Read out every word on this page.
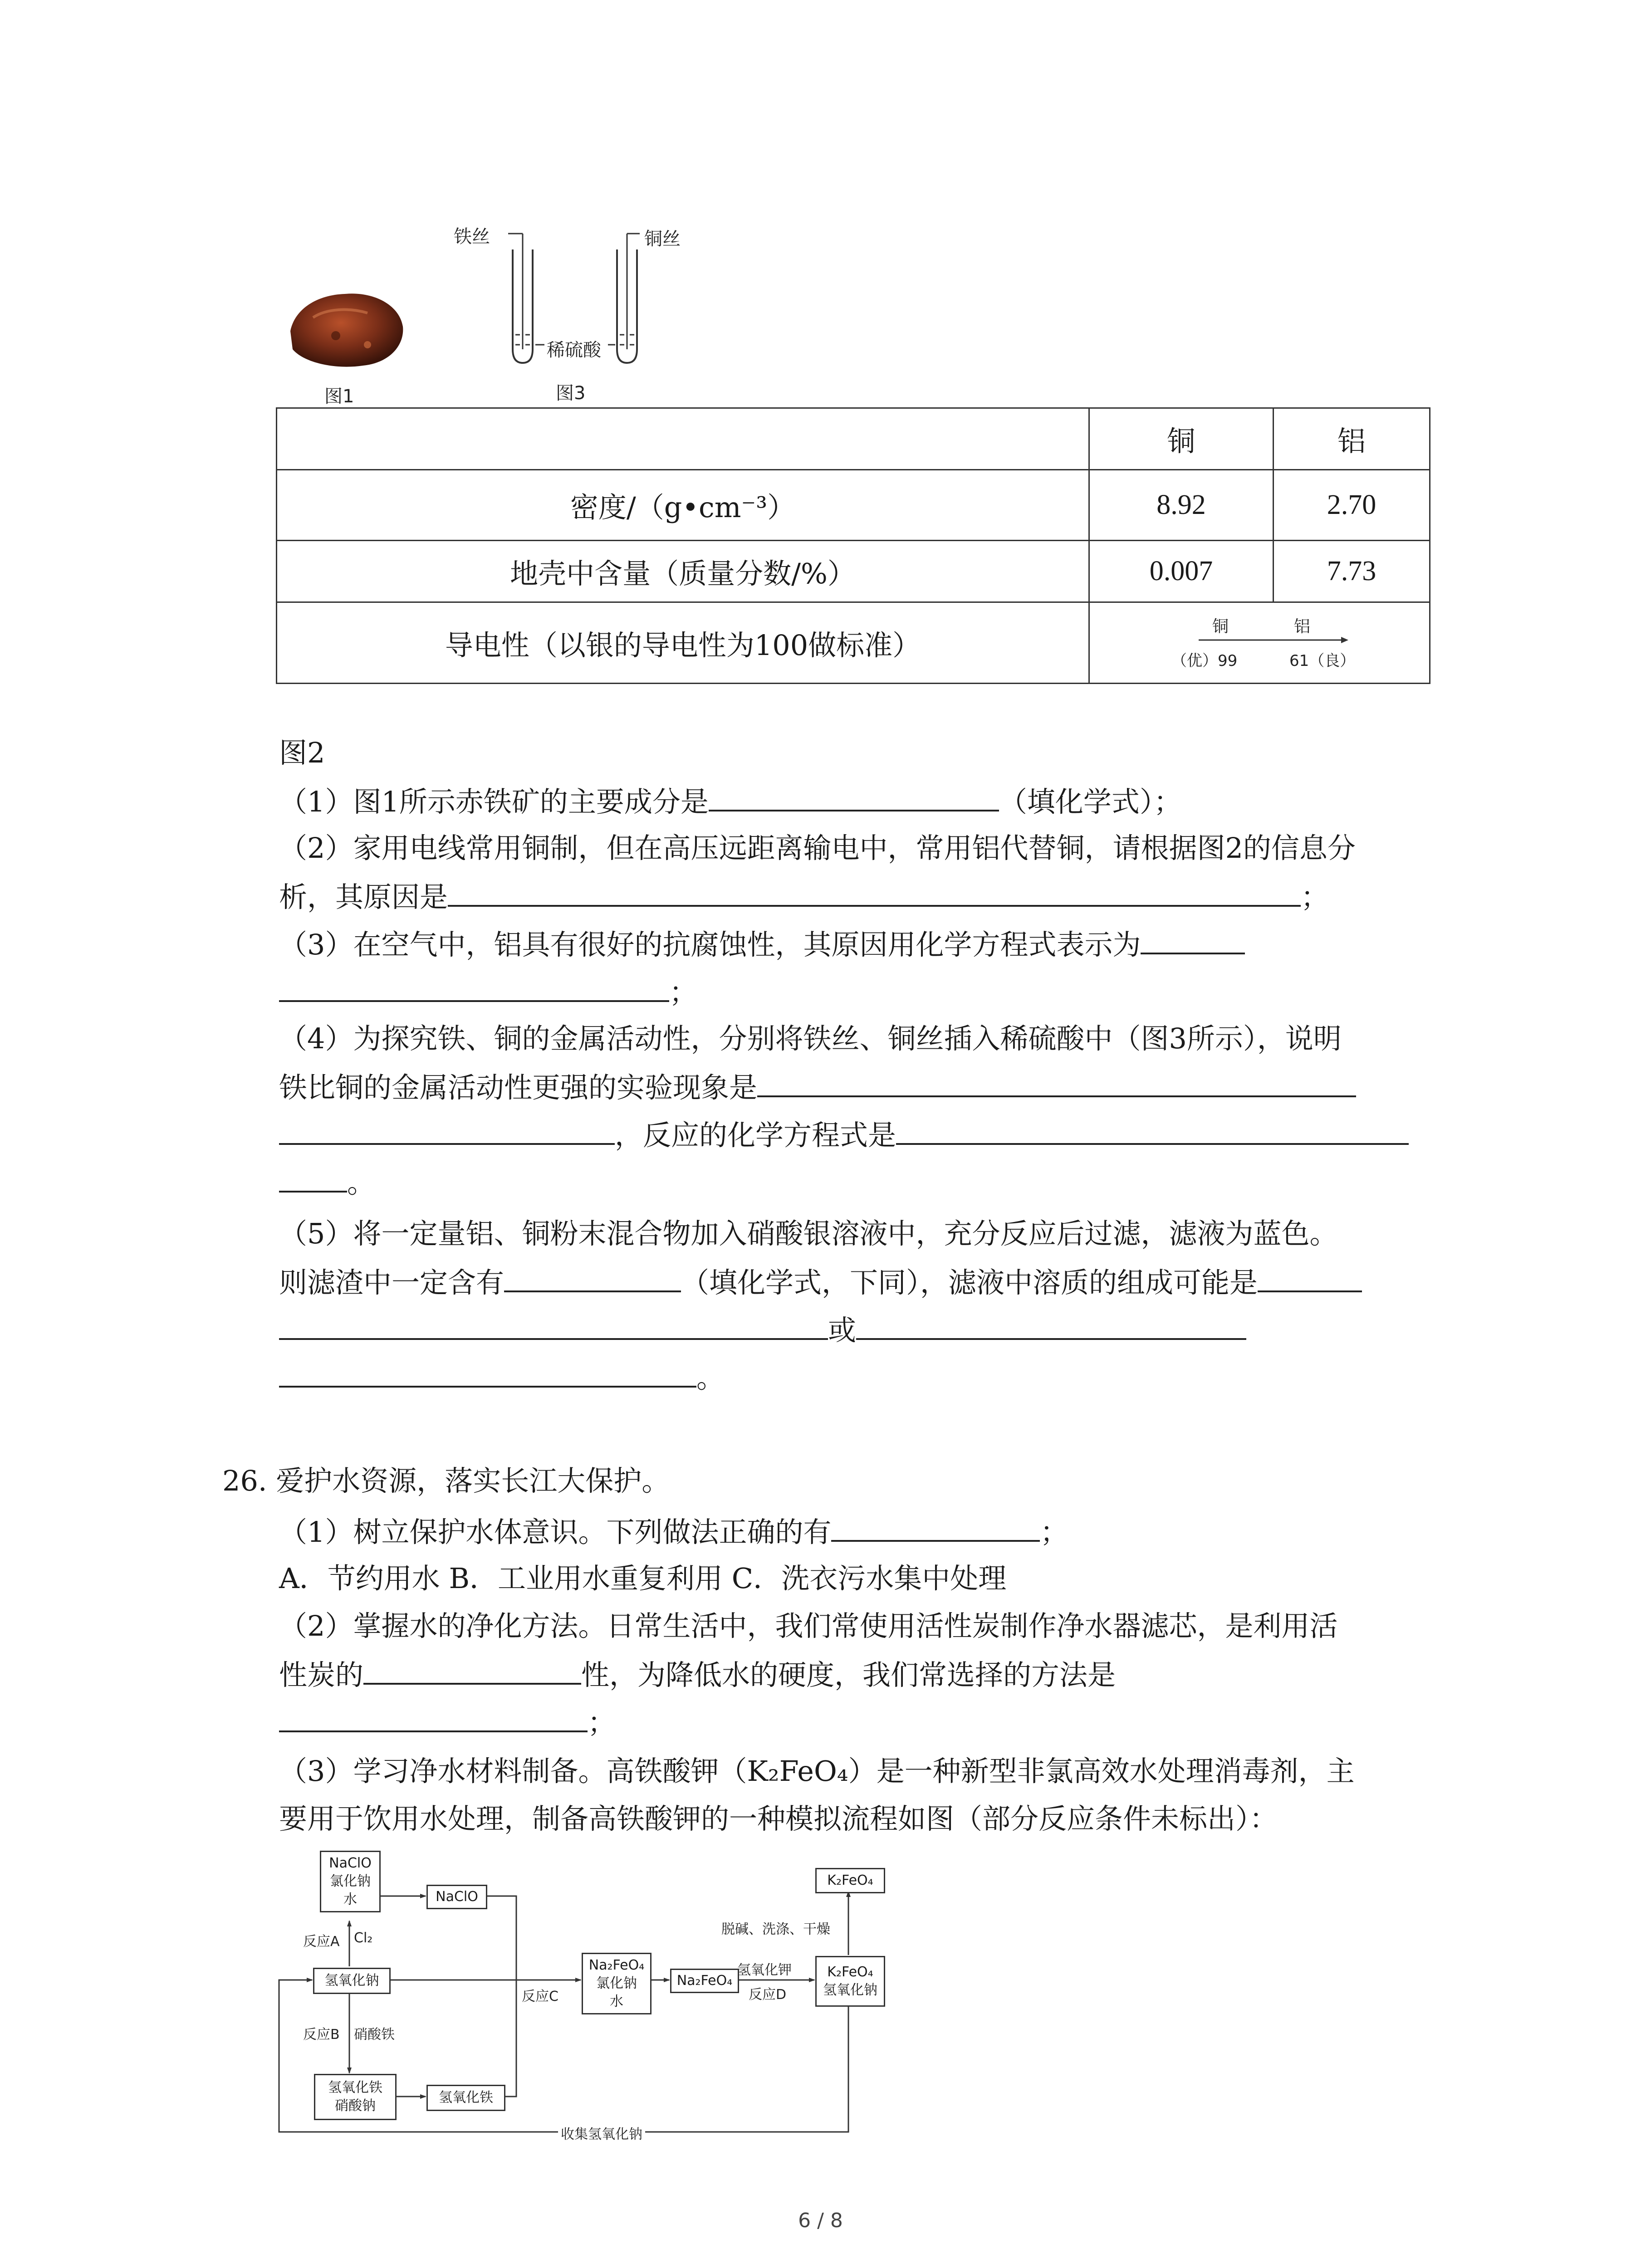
图1
铁丝	铜丝
稀硫酸
图3
	铜	铝
密度/（g•cm⁻³）	8.92	2.70
地壳中含量（质量分数/%）	0.007	7.73
导电性（以银的导电性为100做标准）	铜 铝
（优）99 61（良）	
图2
（1）图1所示赤铁矿的主要成分是	（填化学式）；
（2）家用电线常用铜制，但在高压远距离输电中，常用铝代替铜，请根据图2的信息分
析，其原因是	；
（3）在空气中，铝具有很好的抗腐蚀性，其原因用化学方程式表示为
；
（4）为探究铁、铜的金属活动性，分别将铁丝、铜丝插入稀硫酸中（图3所示），说明
铁比铜的金属活动性更强的实验现象是
，反应的化学方程式是
。
（5）将一定量铝、铜粉末混合物加入硝酸银溶液中，充分反应后过滤，滤液为蓝色。
则滤渣中一定含有	（填化学式，下同），滤液中溶质的组成可能是
或
。
26. 爱护水资源，落实长江大保护。
（1）树立保护水体意识。下列做法正确的有	；
A．节约用水 B．工业用水重复利用 C．洗衣污水集中处理
（2）掌握水的净化方法。日常生活中，我们常使用活性炭制作净水器滤芯，是利用活
性炭的	性，为降低水的硬度，我们常选择的方法是
；
（3）学习净水材料制备。高铁酸钾（K₂FeO₄）是一种新型非氯高效水处理消毒剂，主
要用于饮用水处理，制备高铁酸钾的一种模拟流程如图（部分反应条件未标出）：
NaClO
氯化钠
水	NaClO
氢氧化钠
氢氧化铁
硝酸钠
氢氧化铁
Na₂FeO₄
氯化钠
水
Na₂FeO₄
K₂FeO₄
氢氧化钠
K₂FeO₄
反应A Cl₂
反应B 硝酸铁
反应C
氢氧化钾
反应D
脱碱、洗涤、干燥
收集氢氧化钠
6 / 8
